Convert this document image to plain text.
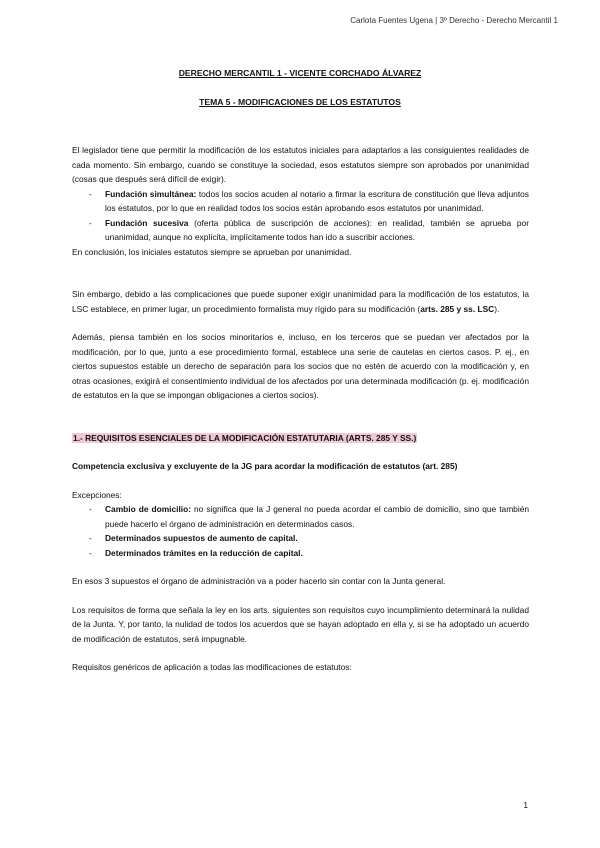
Carlota Fuentes Ugena | 3º Derecho - Derecho Mercantil 1
DERECHO MERCANTIL 1 - VICENTE CORCHADO ÁLVAREZ
TEMA 5 - MODIFICACIONES DE LOS ESTATUTOS

El legislador tiene que permitir la modificación de los estatutos iniciales para adaptarlos a las consiguientes realidades de cada momento. Sin embargo, cuando se constituye la sociedad, esos estatutos siempre son aprobados por unanimidad (cosas que después será difícil de exigir).

- Fundación simultánea: todos los socios acuden al notario a firmar la escritura de constitución que lleva adjuntos los estatutos, por lo que en realidad todos los socios están aprobando esos estatutos por unanimidad.
- Fundación sucesiva (oferta pública de suscripción de acciones): en realidad, también se aprueba por unanimidad, aunque no explícita, implícitamente todos han ido a suscribir acciones.

En conclusión, los iniciales estatutos siempre se aprueban por unanimidad.

Sin embargo, debido a las complicaciones que puede suponer exigir unanimidad para la modificación de los estatutos, la LSC establece, en primer lugar, un procedimiento formalista muy rígido para su modificación (arts. 285 y ss. LSC).

Además, piensa también en los socios minoritarios e, incluso, en los terceros que se puedan ver afectados por la modificación, por lo que, junto a ese procedimiento formal, establece una serie de cautelas en ciertos casos. P. ej., en ciertos supuestos estable un derecho de separación para los socios que no estén de acuerdo con la modificación y, en otras ocasiones, exigirá el consentimiento individual de los afectados por una determinada modificación (p. ej. modificación de estatutos en la que se impongan obligaciones a ciertos socios).

1.- REQUISITOS ESENCIALES DE LA MODIFICACIÓN ESTATUTARIA (ARTS. 285 Y SS.)

Competencia exclusiva y excluyente de la JG para acordar la modificación de estatutos (art. 285)

Excepciones:

- Cambio de domicilio: no significa que la J general no pueda acordar el cambio de domicilio, sino que también puede hacerlo el órgano de administración en determinados casos.
- Determinados supuestos de aumento de capital.
- Determinados trámites en la reducción de capital.

En esos 3 supuestos el órgano de administración va a poder hacerlo sin contar con la Junta general.

Los requisitos de forma que señala la ley en los arts. siguientes son requisitos cuyo incumplimiento determinará la nulidad de la Junta. Y, por tanto, la nulidad de todos los acuerdos que se hayan adoptado en ella y, si se ha adoptado un acuerdo de modificación de estatutos, será impugnable.

Requisitos genéricos de aplicación a todas las modificaciones de estatutos:

1
